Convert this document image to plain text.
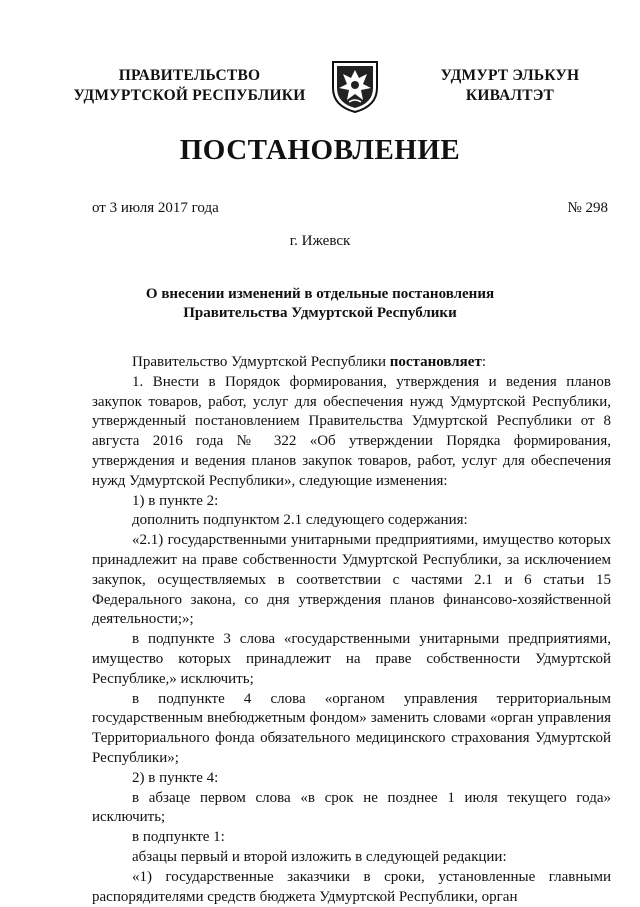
ПРАВИТЕЛЬСТВО
УДМУРТСКОЙ РЕСПУБЛИКИ
УДМУРТ ЭЛЬКУН
КИВАЛТЭТ
ПОСТАНОВЛЕНИЕ
от 3 июля 2017 года	№ 298
г. Ижевск
О внесении изменений в отдельные постановления
Правительства Удмуртской Республики

Правительство Удмуртской Республики постановляет:

1. Внести в Порядок формирования, утверждения и ведения планов закупок товаров, работ, услуг для обеспечения нужд Удмуртской Республики, утвержденный постановлением Правительства Удмуртской Республики от 8 августа 2016 года № 322 «Об утверждении Порядка формирования, утверждения и ведения планов закупок товаров, работ, услуг для обеспечения нужд Удмуртской Республики», следующие изменения:

1) в пункте 2:

дополнить подпунктом 2.1 следующего содержания:

«2.1) государственными унитарными предприятиями, имущество которых принадлежит на праве собственности Удмуртской Республики, за исключением закупок, осуществляемых в соответствии с частями 2.1 и 6 статьи 15 Федерального закона, со дня утверждения планов финансово-хозяйственной деятельности;»;

в подпункте 3 слова «государственными унитарными предприятиями, имущество которых принадлежит на праве собственности Удмуртской Республике,» исключить;

в подпункте 4 слова «органом управления территориальным государственным внебюджетным фондом» заменить словами «орган управления Территориального фонда обязательного медицинского страхования Удмуртской Республики»;

2) в пункте 4:

в абзаце первом слова «в срок не позднее 1 июля текущего года» исключить;

в подпункте 1:

абзацы первый и второй изложить в следующей редакции:

«1) государственные заказчики в сроки, установленные главными распорядителями средств бюджета Удмуртской Республики, орган
